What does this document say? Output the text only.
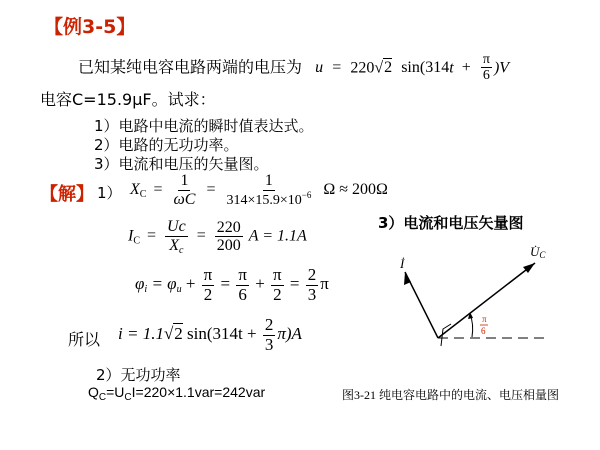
【例3-5】
已知某纯电容电路两端的电压为 u = 220√2 $\sin(314t + \frac{\pi}{6} )V$
电容C=15.9μF。试求：
1）电路中电流的瞬时值表达式。
2）电路的无功功率。
3）电流和电压的矢量图。
【解】 1） $X_C = \frac{1}{\omega C} = \frac{1}{314\times 15.9\times 10^{-6}}$ Ω ≈ 200Ω
$I_C = \frac{Uc}{X_c} = \frac{220}{200}$ A = 1.1A
$\varphi_i = \varphi_u + \frac{\pi}{2} = \frac{\pi}{6} + \frac{\pi}{2} = \frac{2}{3}$ π
所以 i = 1.1√2 $\sin(314t + \frac{2}{3} \pi)A$
2）无功功率
$Q_C=U_CI=220\times 1.1var=242var$
3）电流和电压矢量图
İ
U̇C
π
6
图3-21 纯电容电路中的电流、电压相量图
